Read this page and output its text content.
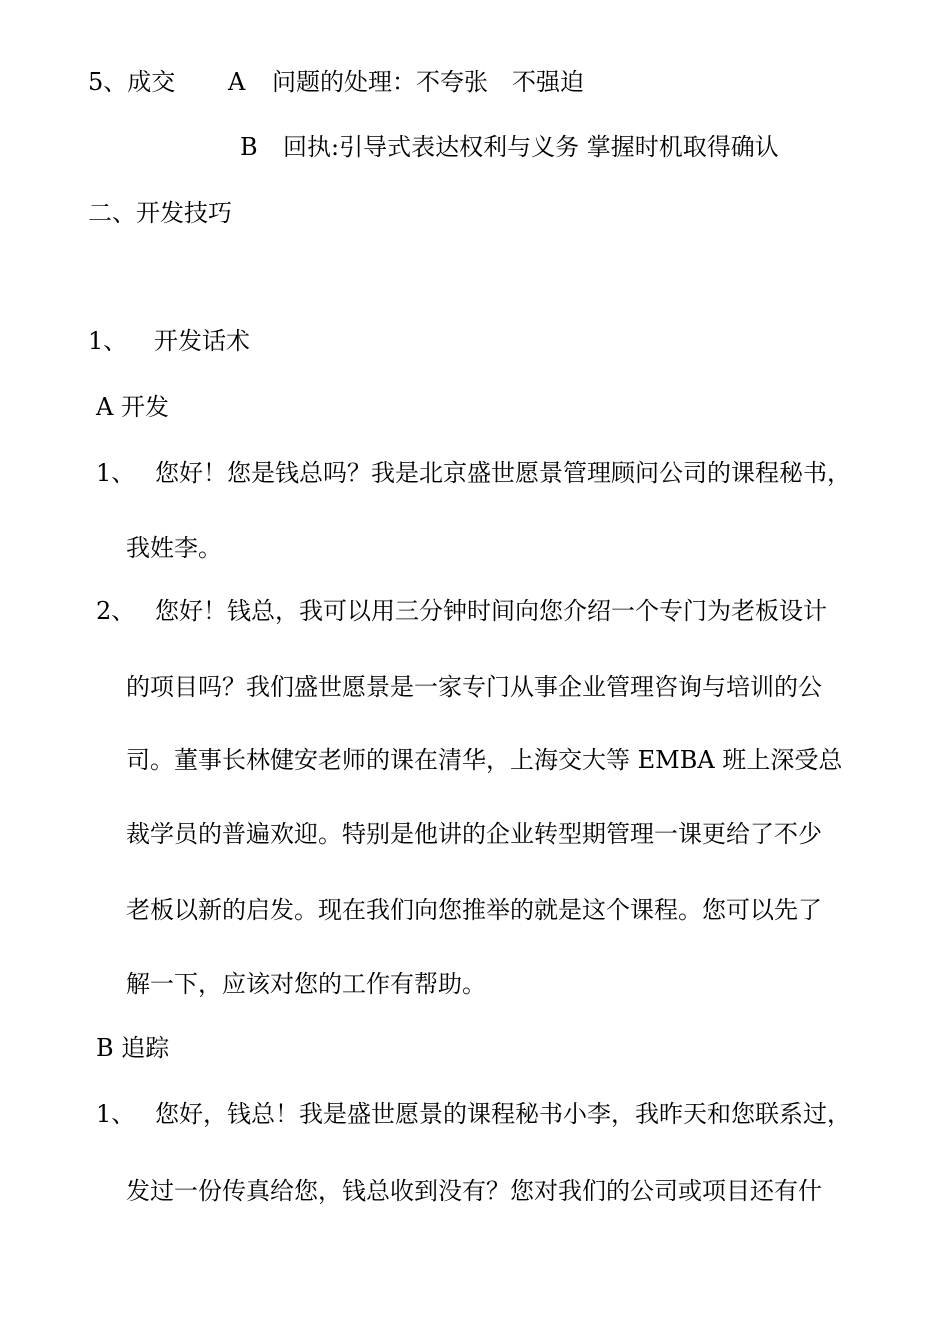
5、成交 A 问题的处理：不夸张　不强迫
B 回执:引导式表达权利与义务 掌握时机取得确认
二、开发技巧
1、 开发话术
A 开发
1、 您好！您是钱总吗？我是北京盛世愿景管理顾问公司的课程秘书，
我姓李。
2、 您好！钱总，我可以用三分钟时间向您介绍一个专门为老板设计
的项目吗？我们盛世愿景是一家专门从事企业管理咨询与培训的公
司。董事长林健安老师的课在清华，上海交大等 EMBA 班上深受总
裁学员的普遍欢迎。特别是他讲的企业转型期管理一课更给了不少
老板以新的启发。现在我们向您推举的就是这个课程。您可以先了
解一下，应该对您的工作有帮助。
B 追踪
1、 您好，钱总！我是盛世愿景的课程秘书小李，我昨天和您联系过，
发过一份传真给您，钱总收到没有？您对我们的公司或项目还有什
